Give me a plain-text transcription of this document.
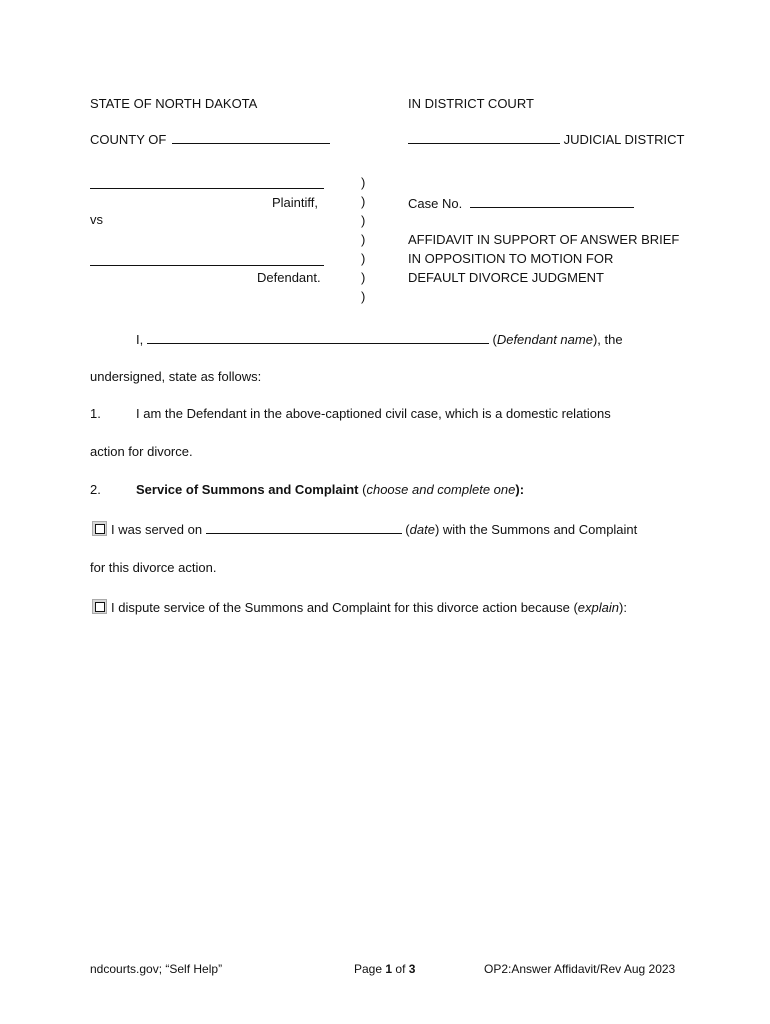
STATE OF NORTH DAKOTA	IN DISTRICT COURT
COUNTY OF	JUDICIAL DISTRICT
Plaintiff,
vs
Defendant.
)
)
)
)
)
)
)
Case No.
AFFIDAVIT IN SUPPORT OF ANSWER BRIEF
IN OPPOSITION TO MOTION FOR
DEFAULT DIVORCE JUDGMENT
I,	(Defendant name), the
undersigned, state as follows:
1.	I am the Defendant in the above-captioned civil case, which is a domestic relations
action for divorce.
2.	Service of Summons and Complaint (choose and complete one):
I was served on	(date) with the Summons and Complaint
for this divorce action.
I dispute service of the Summons and Complaint for this divorce action because (explain):
ndcourts.gov; “Self Help”	Page 1 of 3	OP2:Answer Affidavit/Rev Aug 2023
